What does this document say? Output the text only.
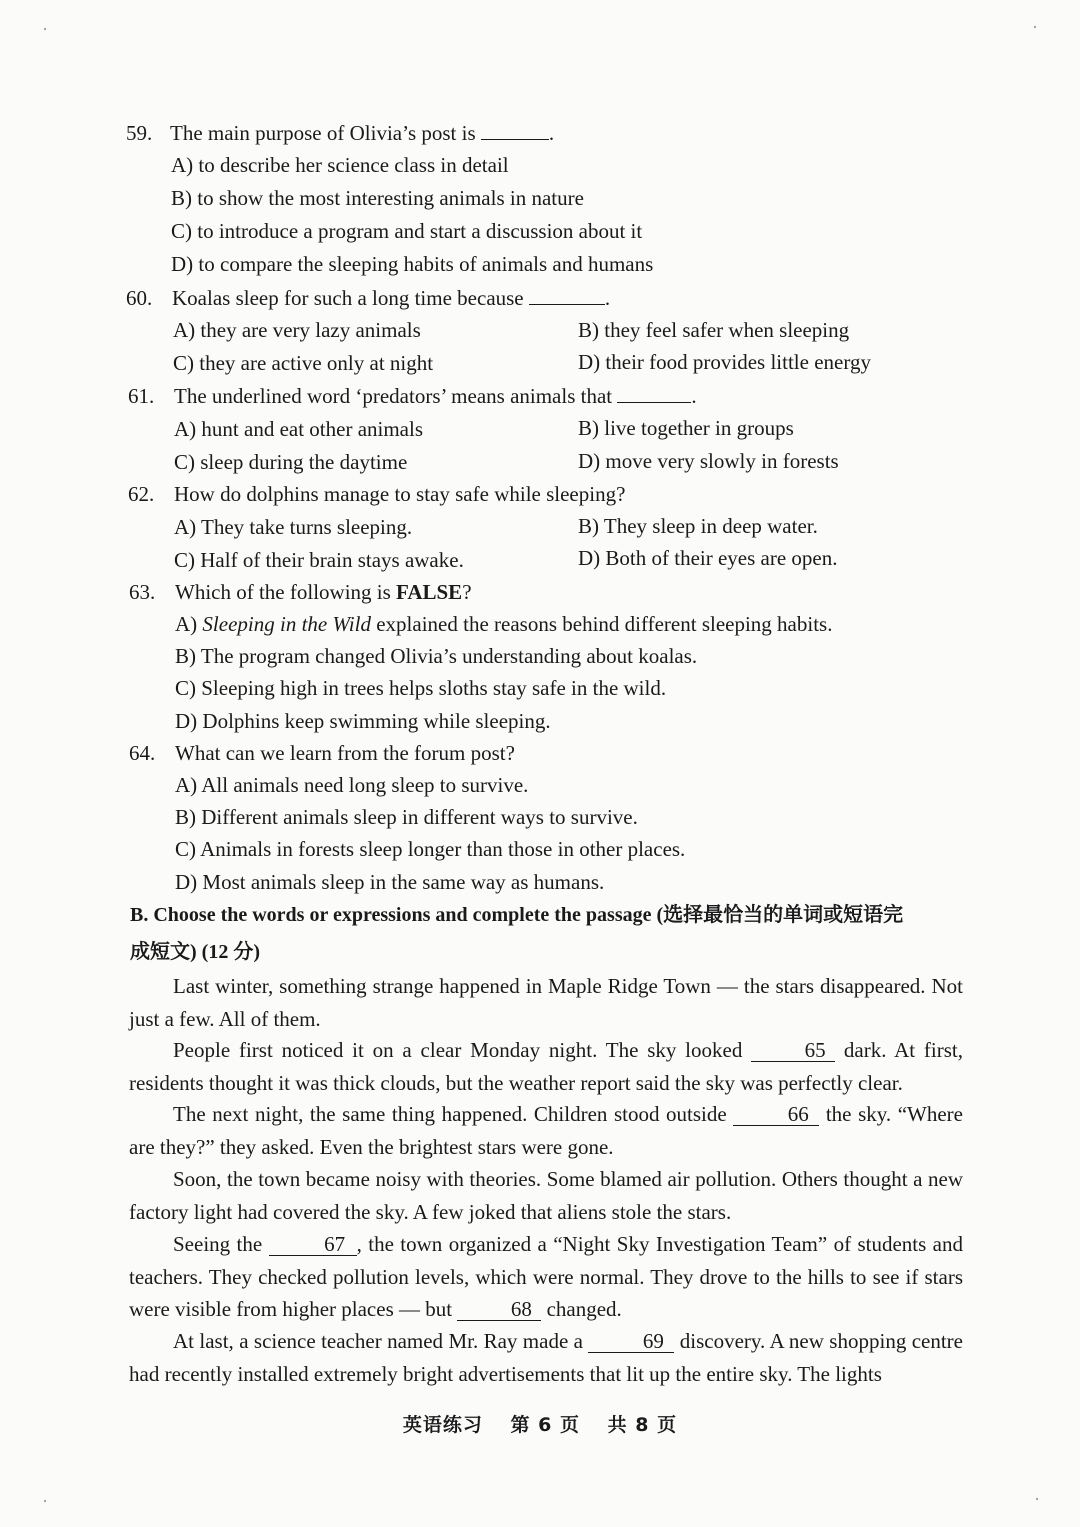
59. The main purpose of Olivia’s post is	.
A) to describe her science class in detail
B) to show the most interesting animals in nature
C) to introduce a program and start a discussion about it
D) to compare the sleeping habits of animals and humans
60. Koalas sleep for such a long time because	.
A) they are very lazy animals	B) they feel safer when sleeping
C) they are active only at night	D) their food provides little energy
61. The underlined word ‘predators’ means animals that	.
A) hunt and eat other animals	B) live together in groups
C) sleep during the daytime	D) move very slowly in forests
62. How do dolphins manage to stay safe while sleeping?
A) They take turns sleeping.	B) They sleep in deep water.
C) Half of their brain stays awake.	D) Both of their eyes are open.
63. Which of the following is FALSE?
A) Sleeping in the Wild explained the reasons behind different sleeping habits.
B) The program changed Olivia’s understanding about koalas.
C) Sleeping high in trees helps sloths stay safe in the wild.
D) Dolphins keep swimming while sleeping.
64. What can we learn from the forum post?
A) All animals need long sleep to survive.
B) Different animals sleep in different ways to survive.
C) Animals in forests sleep longer than those in other places.
D) Most animals sleep in the same way as humans.
B. Choose the words or expressions and complete the passage (选择最恰当的单词或短语完
成短文) (12 分)
Last winter, something strange happened in Maple Ridge Town — the stars disappeared. Not just a few. All of them.
People first noticed it on a clear Monday night. The sky looked	65 dark. At first, residents thought it was thick clouds, but the weather report said the sky was perfectly clear.
The next night, the same thing happened. Children stood outside	66 the sky. “Where are they?” they asked. Even the brightest stars were gone.
Soon, the town became noisy with theories. Some blamed air pollution. Others thought a new factory light had covered the sky. A few joked that aliens stole the stars.
Seeing the	67 , the town organized a “Night Sky Investigation Team” of students and teachers. They checked pollution levels, which were normal. They drove to the hills to see if stars were visible from higher places — but	68 changed.
At last, a science teacher named Mr. Ray made a	69 discovery. A new shopping centre had recently installed extremely bright advertisements that lit up the entire sky. The lights
英语练习 第 6 页 共 8 页
